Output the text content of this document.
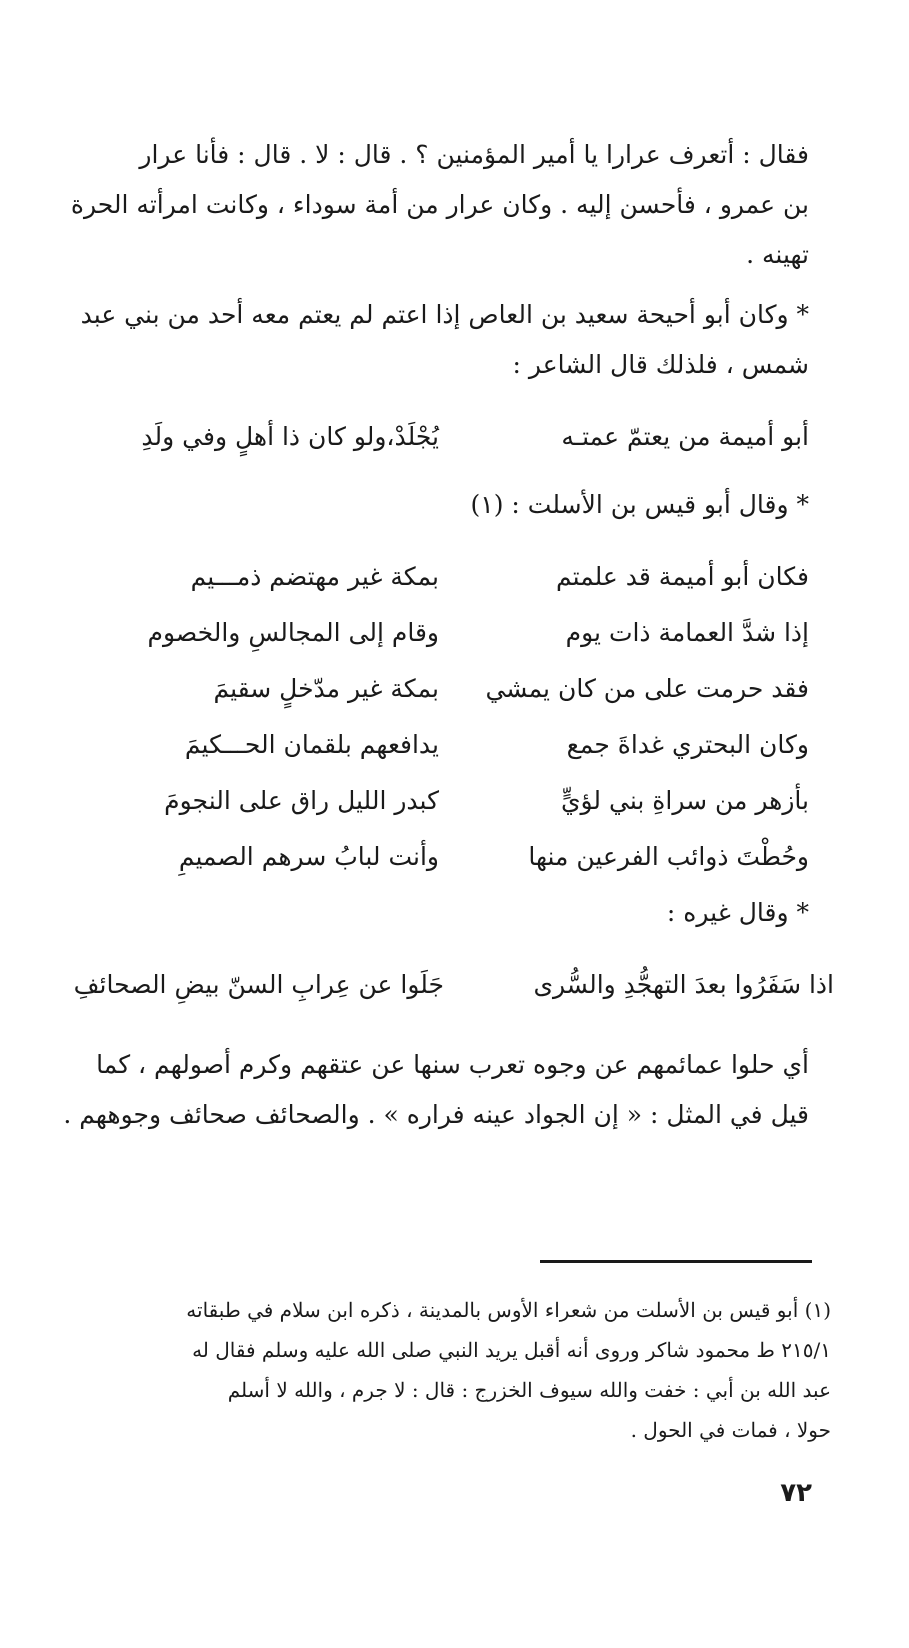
فقال : أتعرف عرارا يا أمير المؤمنين ؟ . قال : لا . قال : فأنا عرار
بن عمرو ، فأحسن إليه . وكان عرار من أمة سوداء ، وكانت امرأته الحرة
تهينه .

* وكان أبو أحيحة سعيد بن العاص إذا اعتم لم يعتم معه أحد من بني عبد
شمس ، فلذلك قال الشاعر :

أبو أميمة من يعتمّ عمتـه
يُجْلَدْ،ولو كان ذا أهلٍ وفي ولَدِ
* وقال أبو قيس بن الأسلت : (١)
فكان أبو أميمة قد علمتم
بمكة غير مهتضم ذمـــيم
إذا شدَّ العمامة ذات يوم
وقام إلى المجالسِ والخصوم
فقد حرمت على من كان يمشي
بمكة غير مدّخلٍ سقيمَ
وكان البحتري غداةَ جمع
يدافعهم بلقمان الحـــكيمَ
بأزهر من سراةِ بني لؤيٍّ
كبدر الليل راق على النجومَ
وحُطْتَ ذوائب الفرعين منها
وأنت لبابُ سرهم الصميمِ
* وقال غيره :
اذا سَفَرُوا بعدَ التهجُّدِ والسُّرى
جَلَوا عن عِرابِ السنّ بيضِ الصحائفِ

أي حلوا عمائمهم عن وجوه تعرب سنها عن عتقهم وكرم أصولهم ، كما
قيل في المثل : « إن الجواد عينه فراره » . والصحائف صحائف وجوههم .

(١) أبو قيس بن الأسلت من شعراء الأوس بالمدينة ، ذكره ابن سلام في طبقاته
٢١٥/١ ط محمود شاكر وروى أنه أقبل يريد النبي صلى الله عليه وسلم فقال له
عبد الله بن أبي : خفت والله سيوف الخزرج : قال : لا جرم ، والله لا أسلم
حولا ، فمات في الحول .

٧٢
